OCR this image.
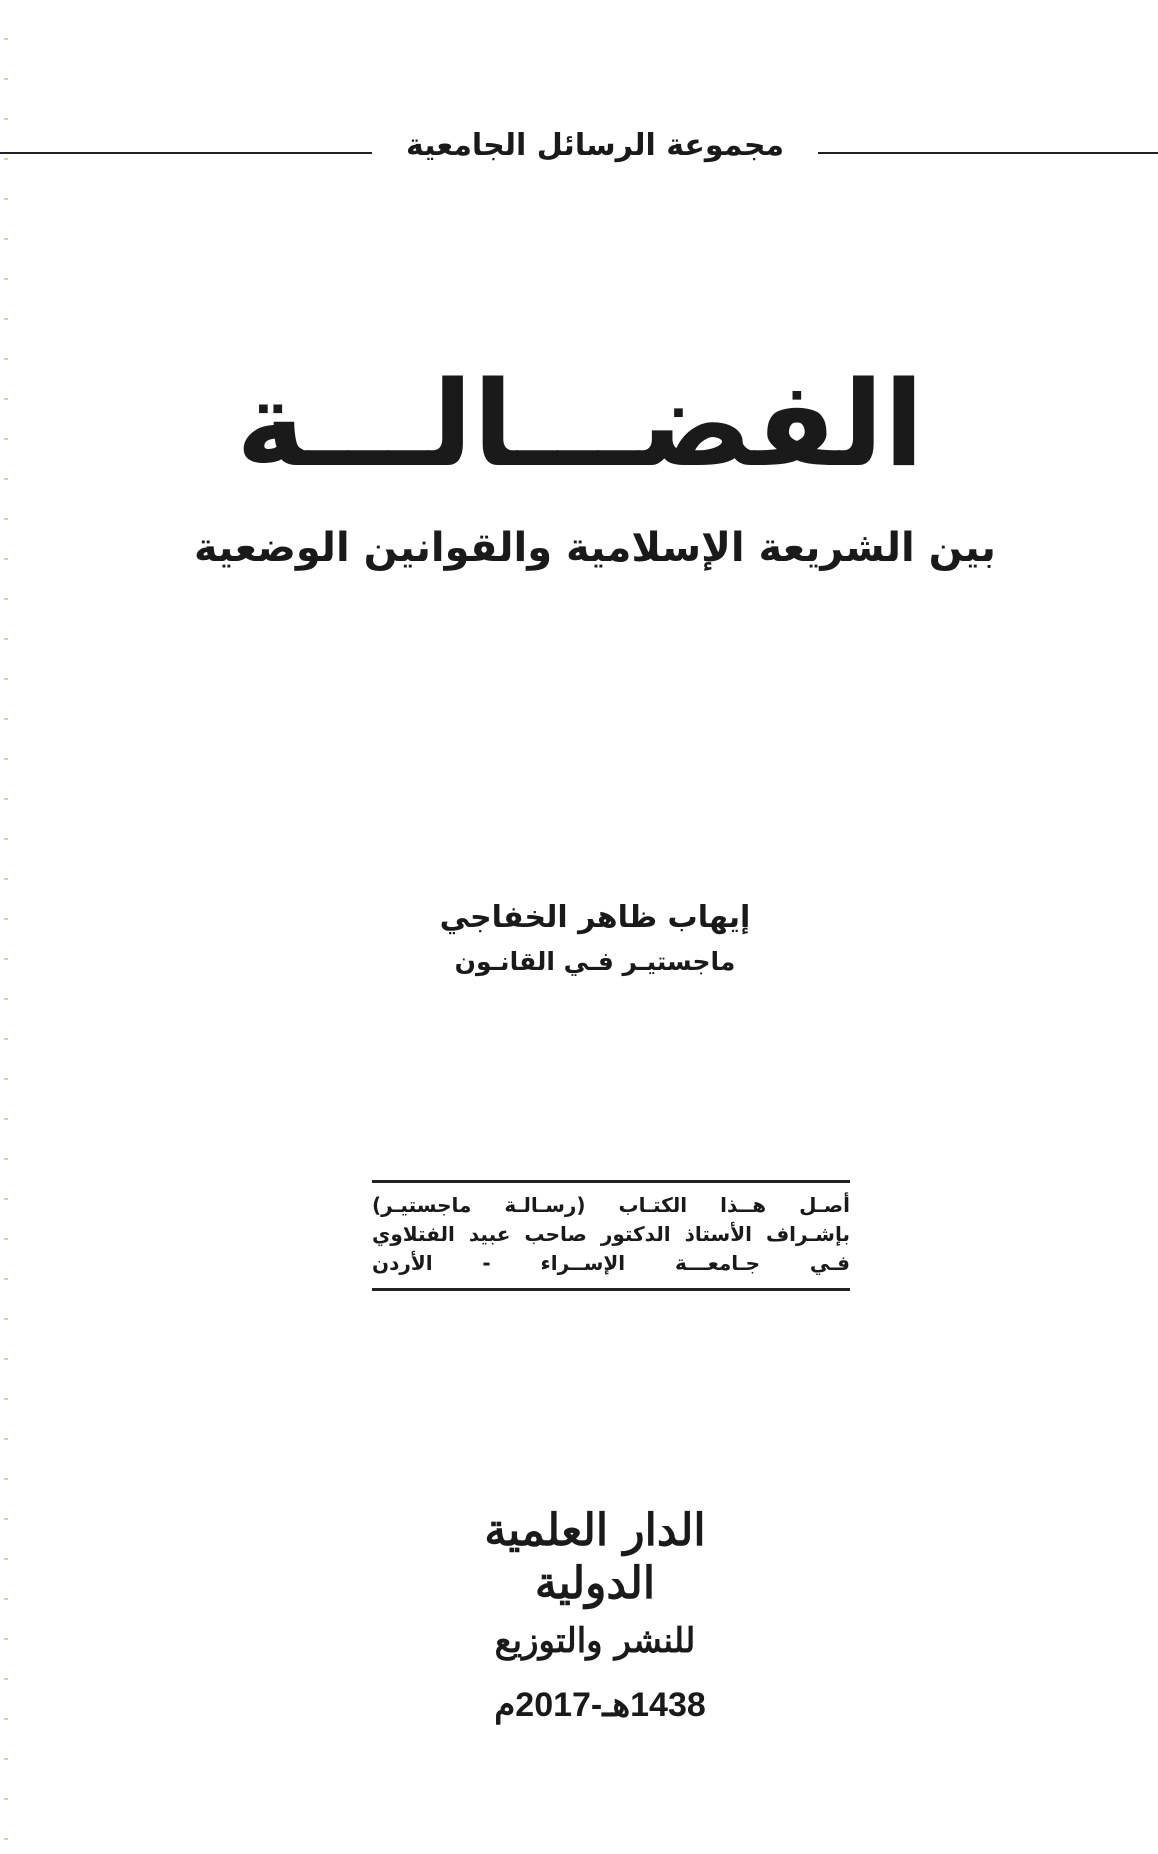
مجموعة الرسائل الجامعية
الفضـــالـــة
بين الشريعة الإسلامية والقوانين الوضعية
إيهاب ظاهر الخفاجي
ماجستيـر فـي القانـون
أصـل هــذا الكتـاب (رسـالـة ماجستيـر)
بإشـراف الأستاذ الدكتور صاحب عبيد الفتلاوي
فـي جـامعـــة الإســراء - الأردن
الدار العلمية الدولية
للنشر والتوزيع
1438هـ-2017م
